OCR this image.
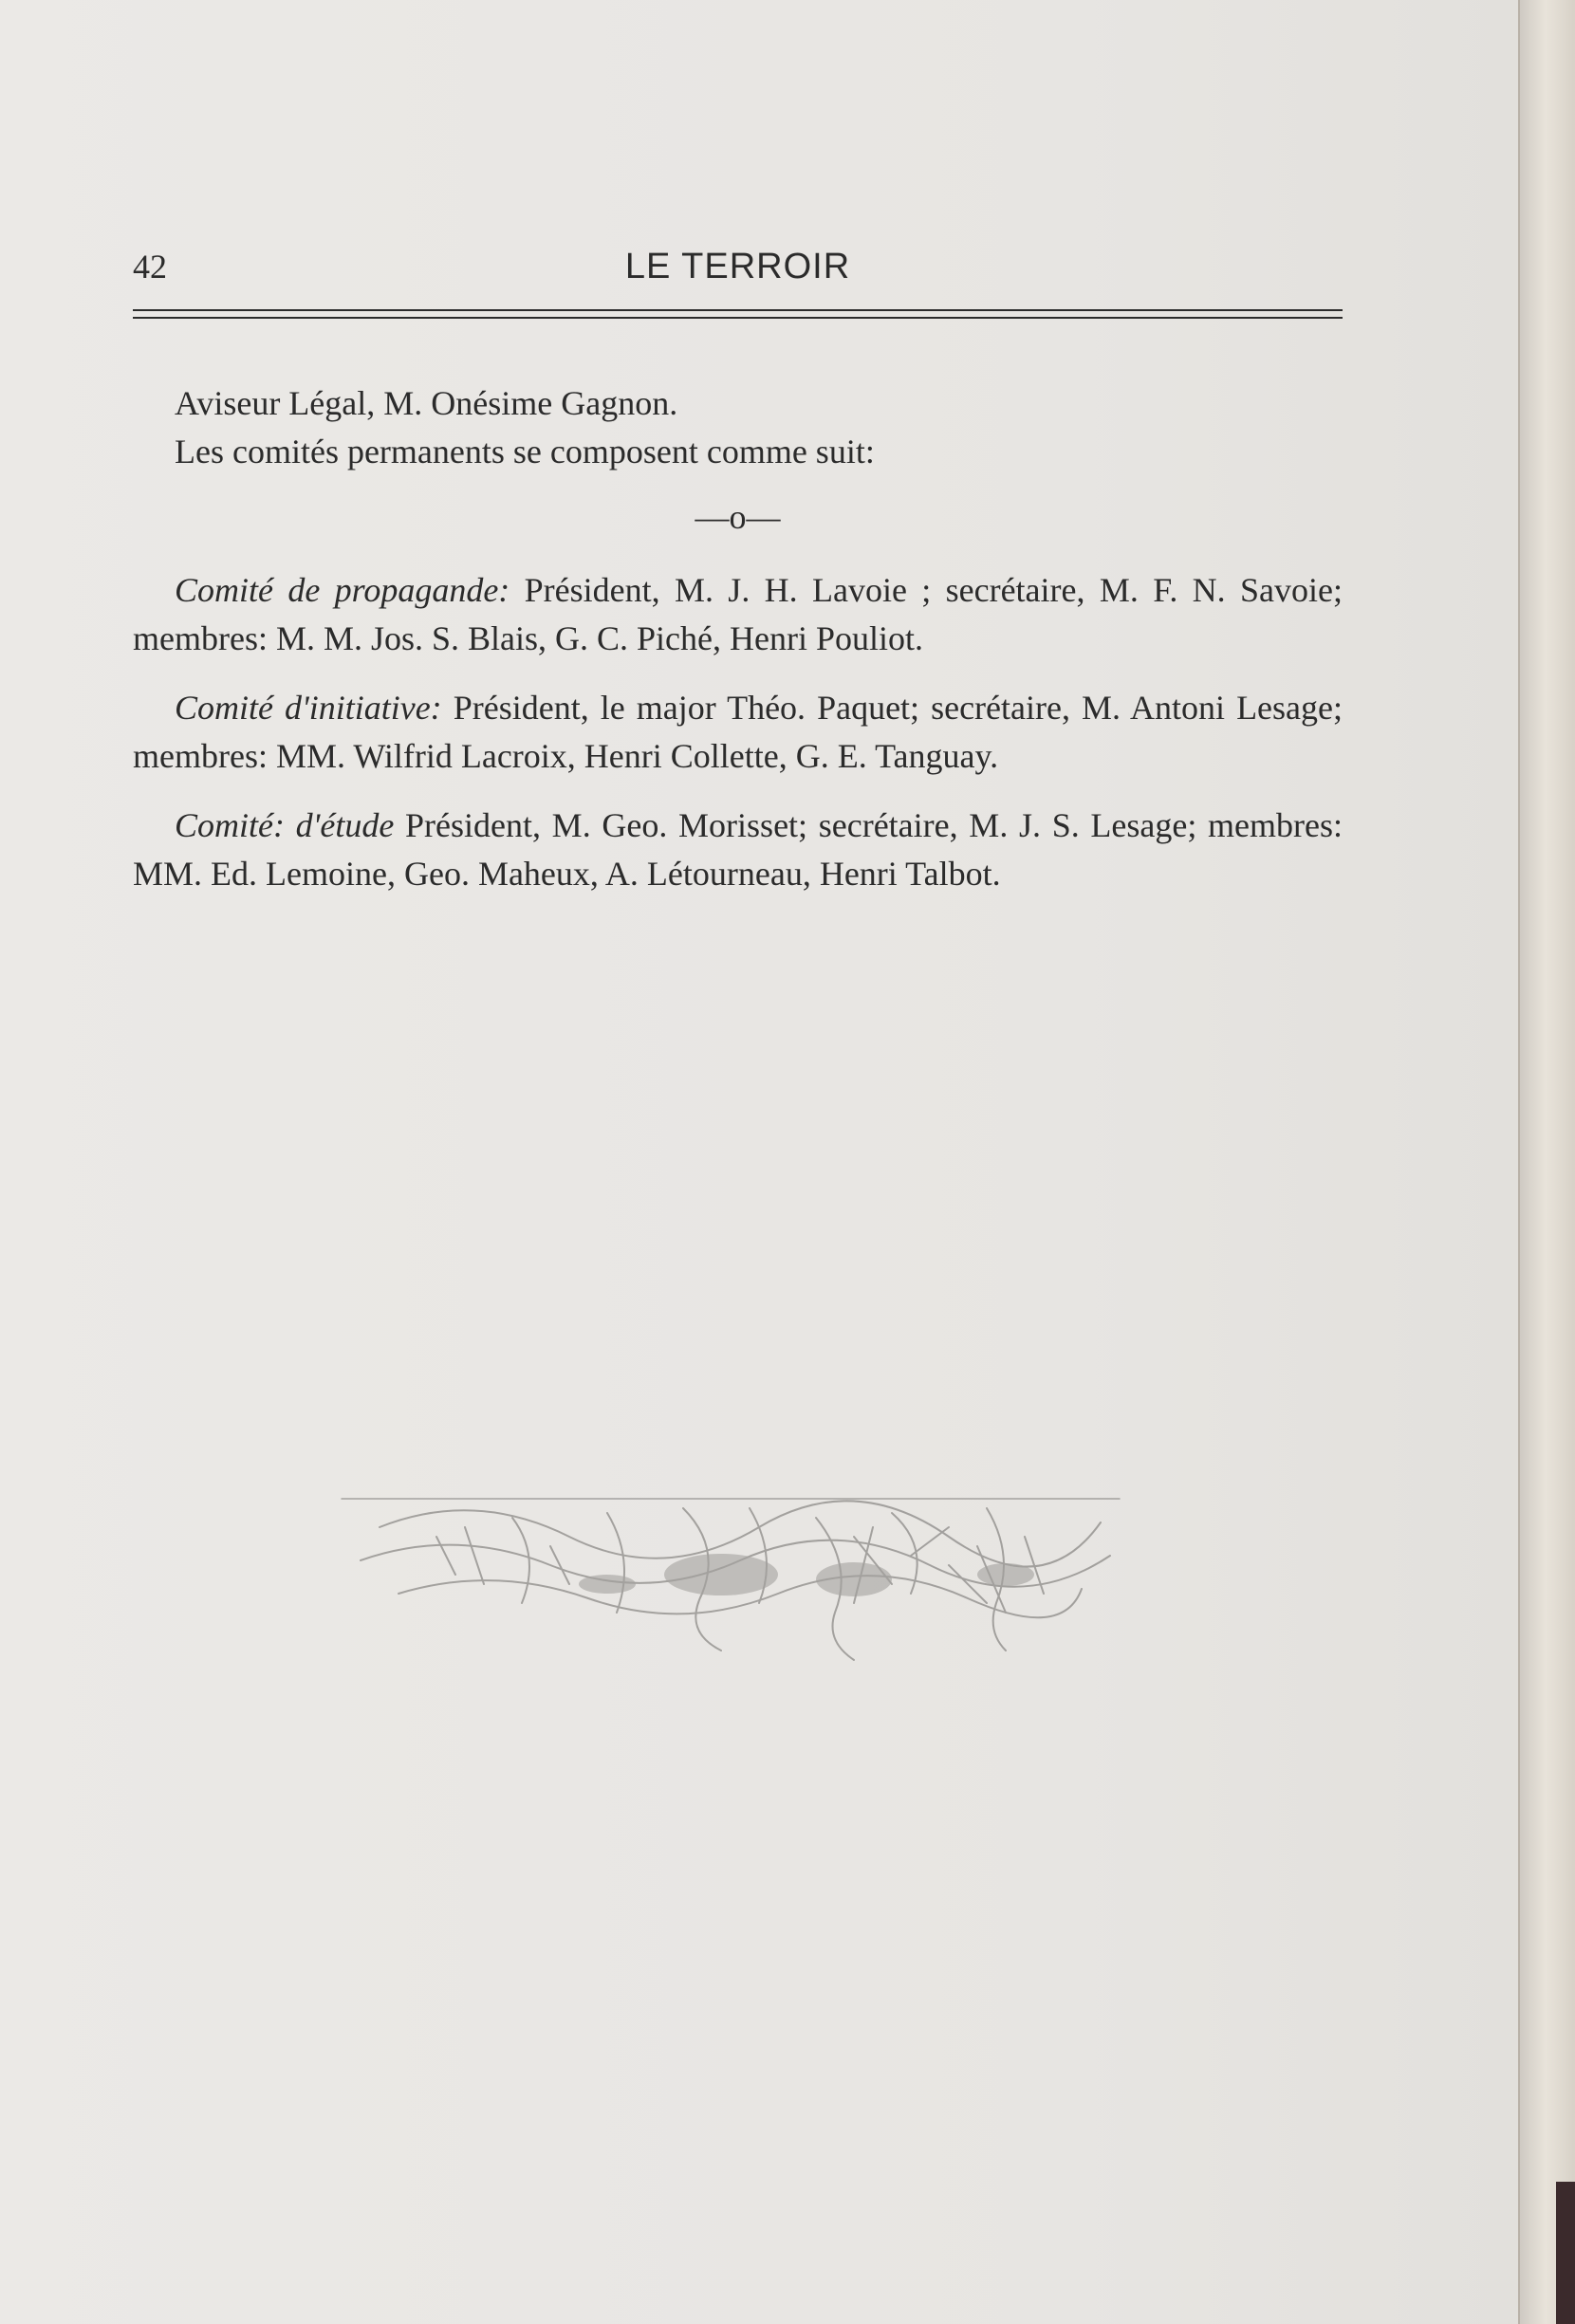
42	LE TERROIR

Aviseur Légal, M. Onésime Gagnon.

Les comités permanents se composent comme suit:

—o—

Comité de propagande: Président, M. J. H. Lavoie ; secrétaire, M. F. N. Savoie; membres: M. M. Jos. S. Blais, G. C. Piché, Henri Pouliot.

Comité d'initiative: Président, le major Théo. Paquet; secrétaire, M. Antoni Lesage; membres: MM. Wilfrid Lacroix, Henri Collette, G. E. Tanguay.

Comité: d'étude Président, M. Geo. Morisset; secrétaire, M. J. S. Lesage; membres: MM. Ed. Lemoine, Geo. Maheux, A. Létourneau, Henri Talbot.
